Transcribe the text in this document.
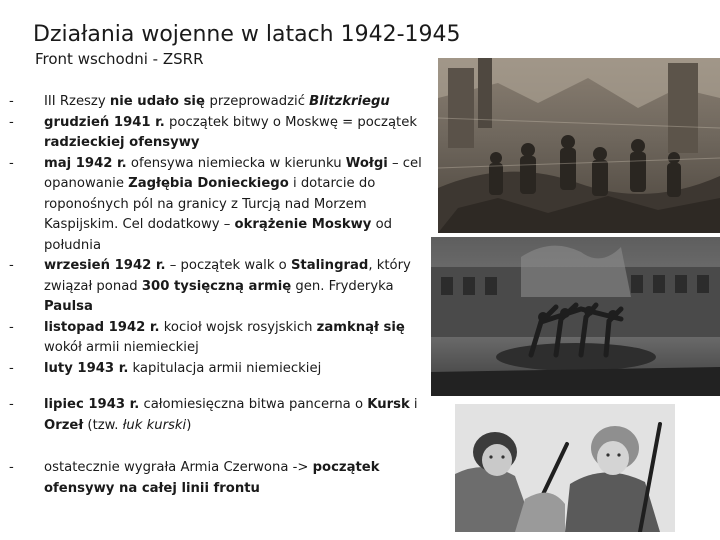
Działania wojenne w latach 1942-1945
Front wschodni - ZSRR
- III Rzeszy nie udało się przeprowadzić Blitzkriegu
- grudzień 1941 r. początek bitwy o Moskwę = początek radzieckiej ofensywy
- maj 1942 r. ofensywa niemiecka w kierunku Wołgi – cel opanowanie Zagłębia Donieckiego i dotarcie do roponośnych pól na granicy z Turcją nad Morzem Kaspijskim. Cel dodatkowy – okrążenie Moskwy od południa
- wrzesień 1942 r. – początek walk o Stalingrad, który związał ponad 300 tysięczną armię gen. Fryderyka Paulsa
- listopad 1942 r. kocioł wojsk rosyjskich zamknął się wokół armii niemieckiej
- luty 1943 r. kapitulacja armii niemieckiej
- lipiec 1943 r. całomiesięczna bitwa pancerna o Kursk i Orzeł (tzw. łuk kurski)
- ostatecznie wygrała Armia Czerwona -> początek ofensywy na całej linii frontu
